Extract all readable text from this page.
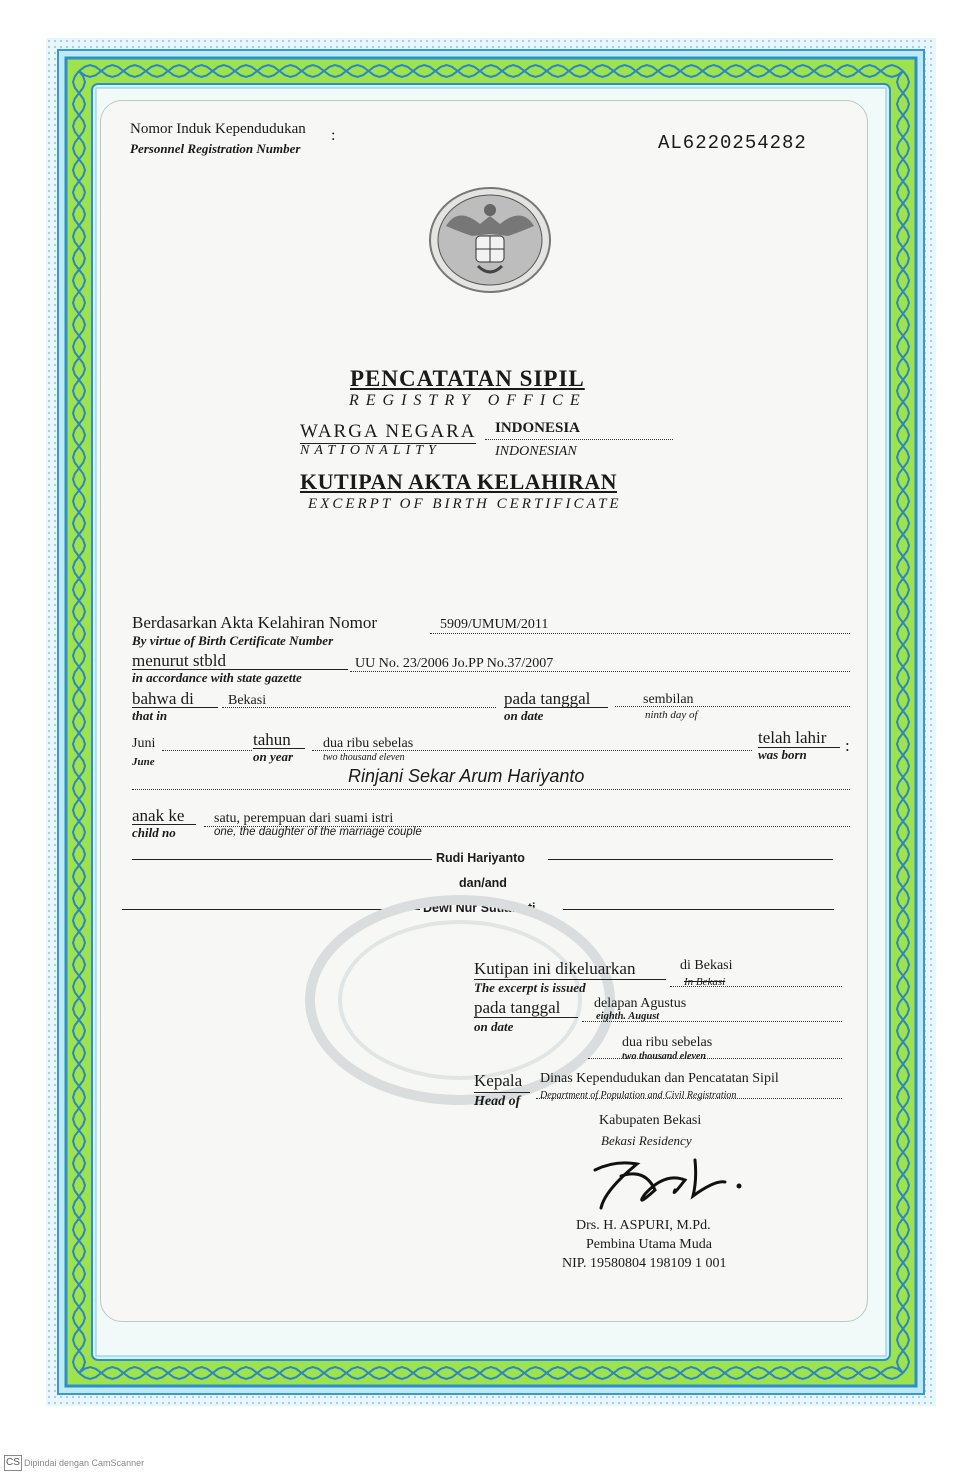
Nomor Induk Kependudukan
Personnel Registration Number
:	AL6220254282
PENCATATAN SIPIL
REGISTRY OFFICE
WARGA NEGARA
NATIONALITY
INDONESIA
INDONESIAN
KUTIPAN AKTA KELAHIRAN
EXCERPT OF BIRTH CERTIFICATE
Berdasarkan Akta Kelahiran Nomor
By virtue of Birth Certificate Number
5909/UMUM/2011
menurut stbld
in accordance with state gazette
UU No. 23/2006 Jo.PP No.37/2007
bahwa di
that in
Bekasi	pada tanggal
on date
sembilan
ninth day of
Juni
June
tahun
on year
dua ribu sebelas
two thousand eleven
telah lahir
was born :
Rinjani Sekar Arum Hariyanto
anak ke
child no
satu, perempuan dari suami istri
one, the daughter of the marriage couple
Rudi Hariyanto
dan/and
Dewi Nur Sutiawati
Kutipan ini dikeluarkan
The excerpt is issued
di Bekasi
In Bekasi
pada tanggal
on date
delapan Agustus
eighth. August
dua ribu sebelas
two thousand eleven
Kepala
Head of
Dinas Kependudukan dan Pencatatan Sipil
Department of Population and Civil Registration
Kabupaten Bekasi
Bekasi Residency
Drs. H. ASPURI, M.Pd.
Pembina Utama Muda
NIP. 19580804 198109 1 001
CS Dipindai dengan CamScanner
